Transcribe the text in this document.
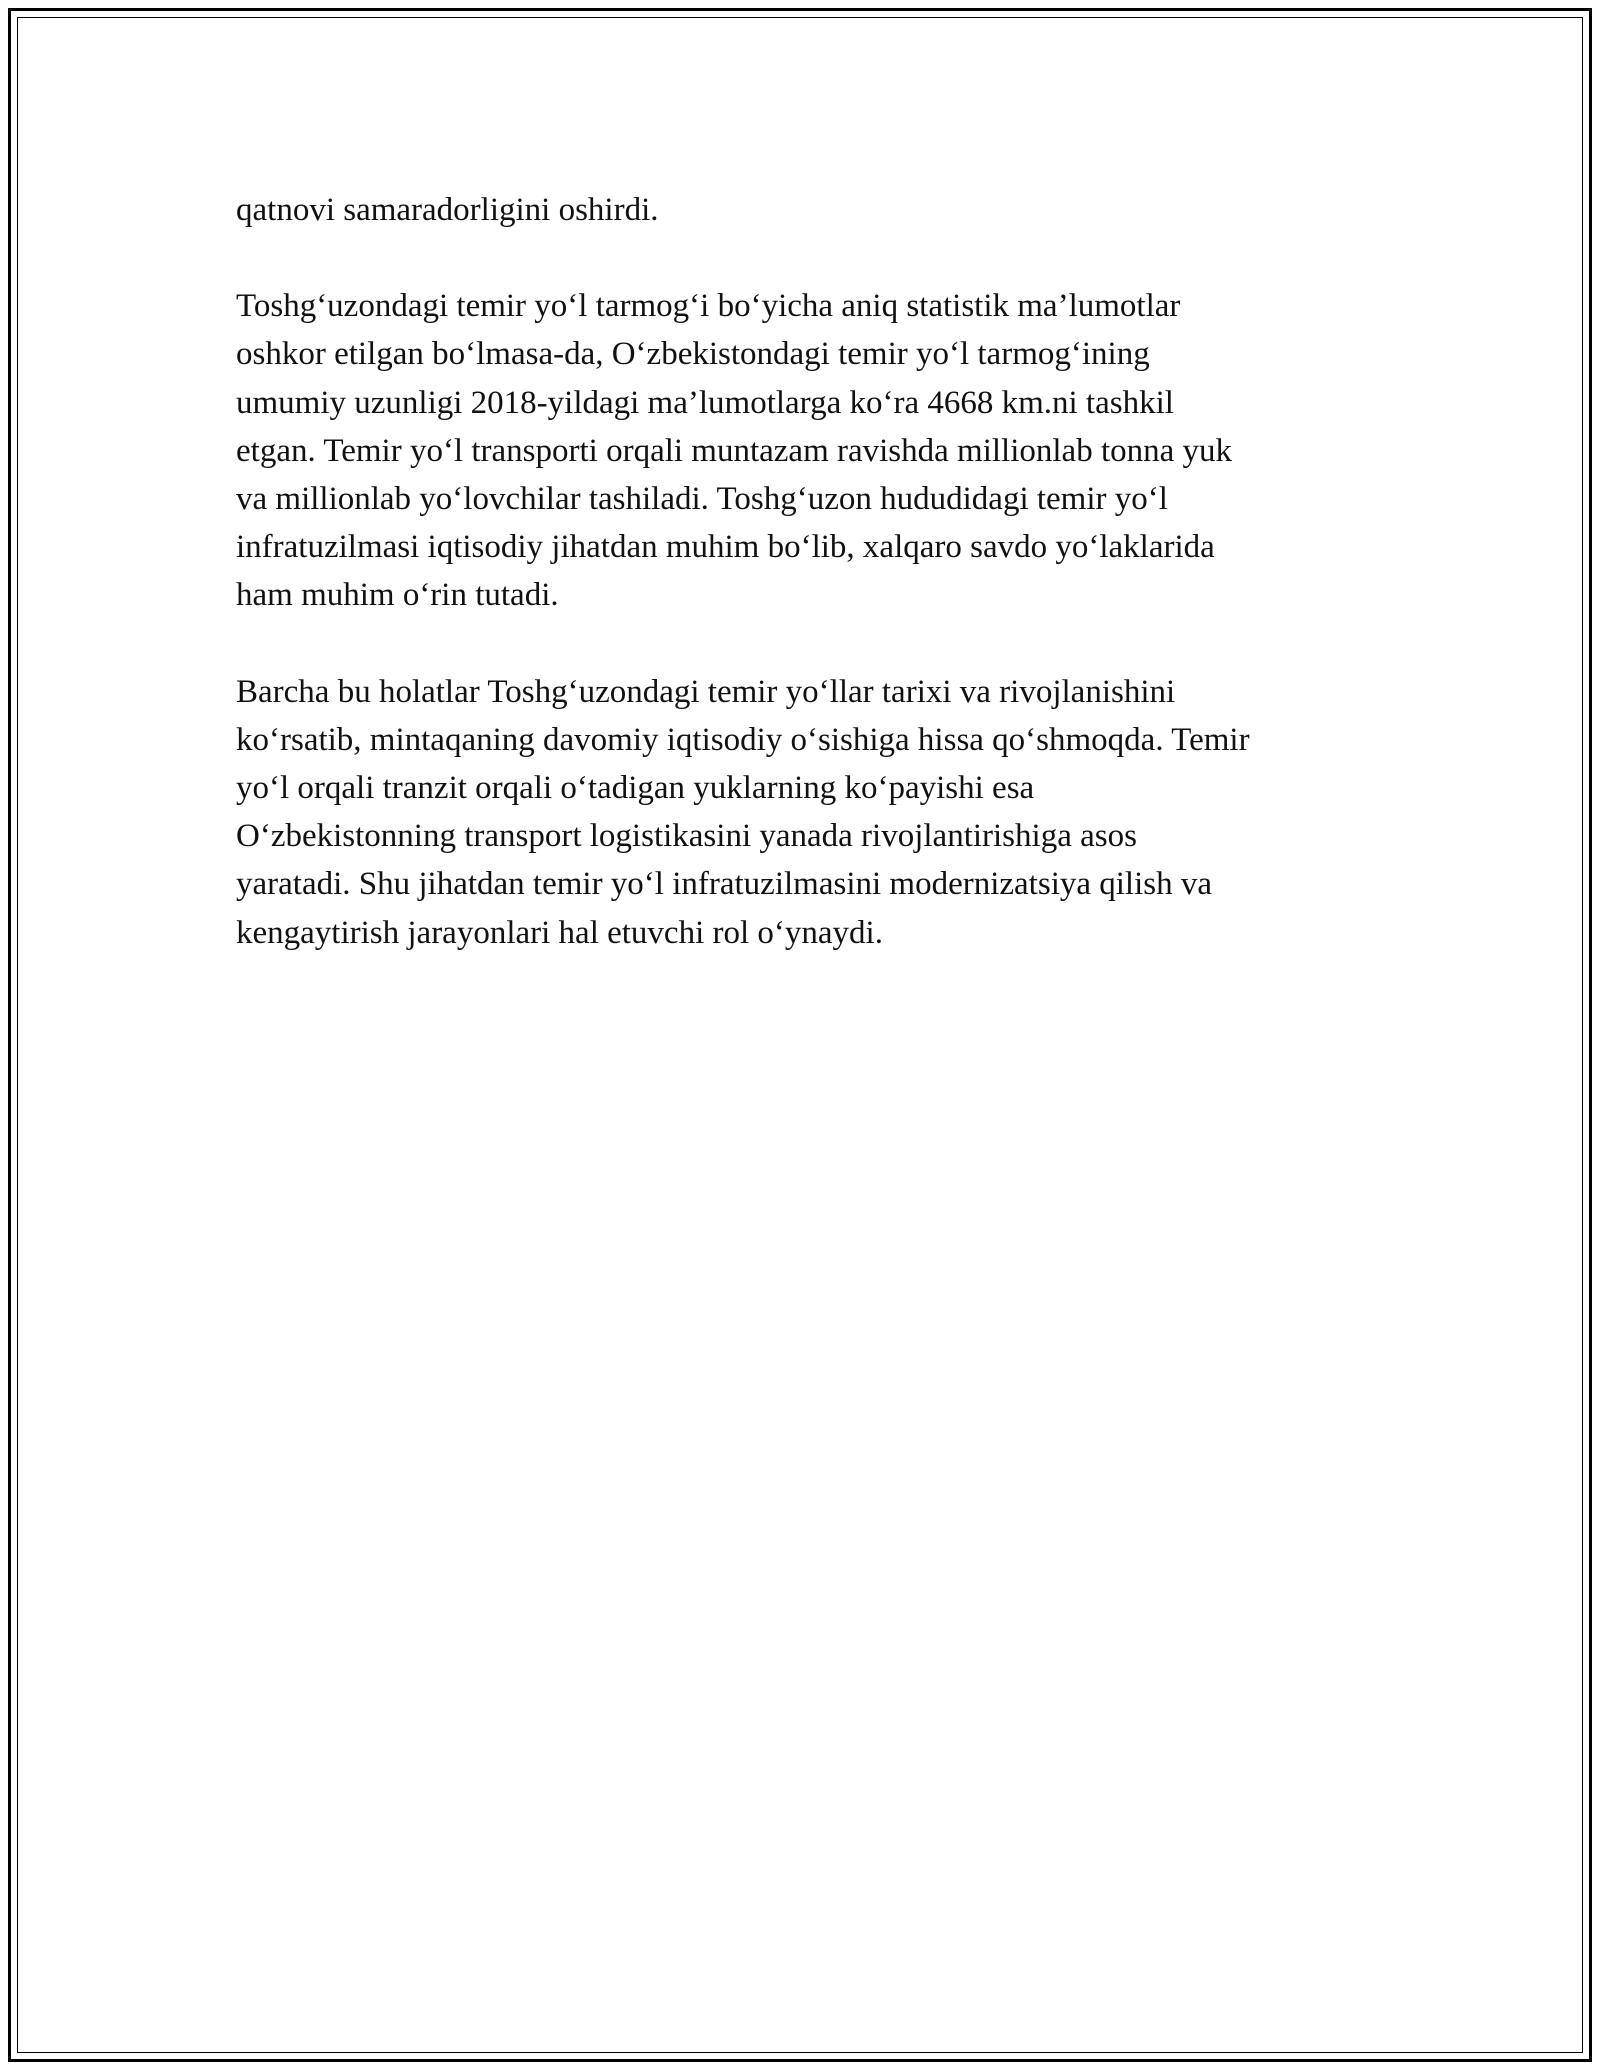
qatnovi samaradorligini oshirdi.

Toshg‘uzondagi temir yo‘l tarmog‘i bo‘yicha aniq statistik ma’lumotlar
oshkor etilgan bo‘lmasa-da, O‘zbekistondagi temir yo‘l tarmog‘ining
umumiy uzunligi 2018-yildagi ma’lumotlarga ko‘ra 4668 km.ni tashkil
etgan. Temir yo‘l transporti orqali muntazam ravishda millionlab tonna yuk
va millionlab yo‘lovchilar tashiladi. Toshg‘uzon hududidagi temir yo‘l
infratuzilmasi iqtisodiy jihatdan muhim bo‘lib, xalqaro savdo yo‘laklarida
ham muhim o‘rin tutadi.

Barcha bu holatlar Toshg‘uzondagi temir yo‘llar tarixi va rivojlanishini
ko‘rsatib, mintaqaning davomiy iqtisodiy o‘sishiga hissa qo‘shmoqda. Temir
yo‘l orqali tranzit orqali o‘tadigan yuklarning ko‘payishi esa
O‘zbekistonning transport logistikasini yanada rivojlantirishiga asos
yaratadi. Shu jihatdan temir yo‘l infratuzilmasini modernizatsiya qilish va
kengaytirish jarayonlari hal etuvchi rol o‘ynaydi.
